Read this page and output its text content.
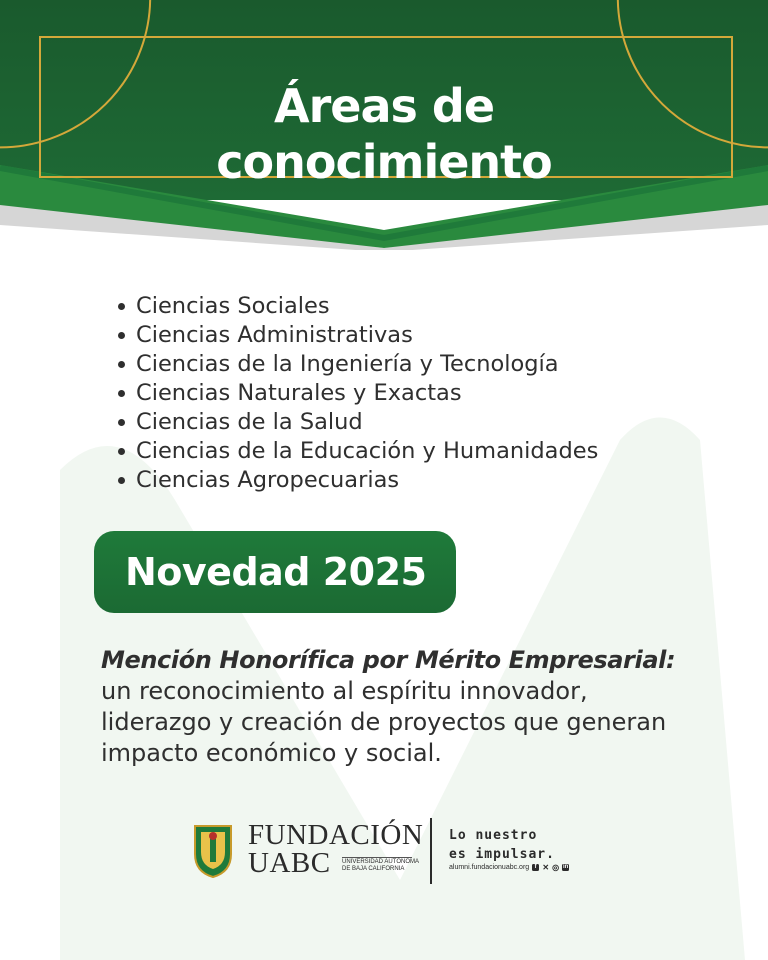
Áreas de
conocimiento
Ciencias Sociales
Ciencias Administrativas
Ciencias de la Ingeniería y Tecnología
Ciencias Naturales y Exactas
Ciencias de la Salud
Ciencias de la Educación y Humanidades
Ciencias Agropecuarias
Novedad 2025
Mención Honorífica por Mérito Empresarial:
un reconocimiento al espíritu innovador, liderazgo y creación de proyectos que generan impacto económico y social.
FUNDACIÓN
UABC UNIVERSIDAD AUTÓNOMA
DE BAJA CALIFORNIA
Lo nuestro
es impulsar.
alumni.fundacionuabc.org f ✕ ◎ in
